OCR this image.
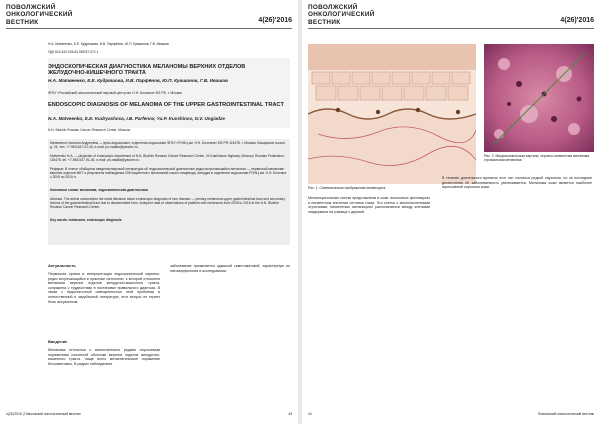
ПОВОЛЖСКИЙ
ОНКОЛОГИЧЕСКИЙ
ВЕСТНИК	4(26)'2016
Н.А. Матвеенко, Е.Е. Кудряшова, И.В. Парфёнов, Ю.П. Кувшинов, Г.В. Ивашов
УДК 616.342-006.81.089.87-072.1
ЭНДОСКОПИЧЕСКАЯ ДИАГНОСТИКА МЕЛАНОМЫ ВЕРХНИХ ОТДЕЛОВ ЖЕЛУДОЧНО-КИШЕЧНОГО ТРАКТА
Н.А. Матвеенко, Е.Е. Кудряшова, И.В. Парфёнов, Ю.П. Кувшинов, Г.В. Ивашов
ФГБУ «Российский онкологический научный центр им. Н.Н. Блохина» МЗ РФ, г. Москва
ENDOSCOPIC DIAGNOSIS OF MELANOMA OF THE UPPER GASTROINTESTINAL TRACT
N.A. Matveenko, E.E. Kudryashova, I.B. Parfenov, Yu.P. Kuvshinov, G.V. Ungiadze
N.N. Blokhin Russian Cancer Research Center, Moscow
Матвеенко Наталия Андреевна — врач-эндоскопист отделения эндоскопии ФГБУ «РОНЦ им. Н.Н. Блохина» МЗ РФ 115478, г. Москва, Каширское шоссе, д. 24, тел. +7-963-647-91-45, e-mail: pn-natalia@yandex.ru
Matveenko N.A. — physician of endoscopic department of N.N. Blokhin Russian Cancer Research Center, 24 Kashirskoe highway, Moscow, Russian Federation, 115478, tel. +7-963-647-91-45, e-mail: pn-natalia@yandex.ru
Реферат. В статье обобщены сведения мировой литературы об эндоскопической диагностике редко встречающейся патологии — первичной меланоме верхних отделов ЖКТ и результаты наблюдения 205 пациентов с меланомой кожи и пищевода, желудка в отделении эндоскопии РОНЦ им. Н.Н. Блохина с 2005 по 2015 гг.
Ключевые слова: меланома, эндоскопическая диагностика.
Abstract. The article summarizes the world literature about endoscopic diagnosis of rare disease — primary melanoma upper gastrointestinal tract and secondary lesions of the gastrointestinal tract due to disseminated form. Analyzed data of observations of patients with melanoma from 2005 to 2015 at the N.N. Blokhin Russian Cancer Research Center.
Key words: melanoma, endoscopic diagnosis.
Актуальность
Первичная органа в интерпретации эндоскопической картины: редко встречающийся в практике патологии, к которой относится меланома верхних отделов желудочно-кишечного тракта, сопряжена с трудностями в постановке правильного диагноза. В связи с недостаточной освещенностью этой проблемы в отечественной и зарубежной литературе, этот вопрос не теряет быть актуальным.
Введение
Меланома относится к исключительно редким опухолевым поражениям слизистой оболочки верхних отделов желудочно-кишечного тракта. Чаще всего метастатическое поражение бессимптомно. В редких наблюдениях
заболевание проявляется одышкой симптоматикой, характерную по патоморфологии и исследовании.
4(26)'2016 | Поволжский онкологический вестник	43
ПОВОЛЖСКИЙ
ОНКОЛОГИЧЕСКИЙ
ВЕСТНИК	4(26)'2016
Рис. 1. Схематическое изображение меланоцита
Рис. 2. Микроскопическая картина, серозно-пигментная меланома, стромальная меланома
Меланоцитальные клетки представлены в коже, волосяных фолликулах и пигментном эпителии сетчатки глаза. Это клетки с многочисленными отростками, пигментные меланоциты располагаются между клетками эпидермиса на границе с дермой.
В течение длительного времени этот тип считался редкой опухолью, но за последние десятилетия её заболеваемость увеличивается. Меланома кожи является наиболее агрессивной опухолью кожи.
44	Поволжский онкологический вестник
